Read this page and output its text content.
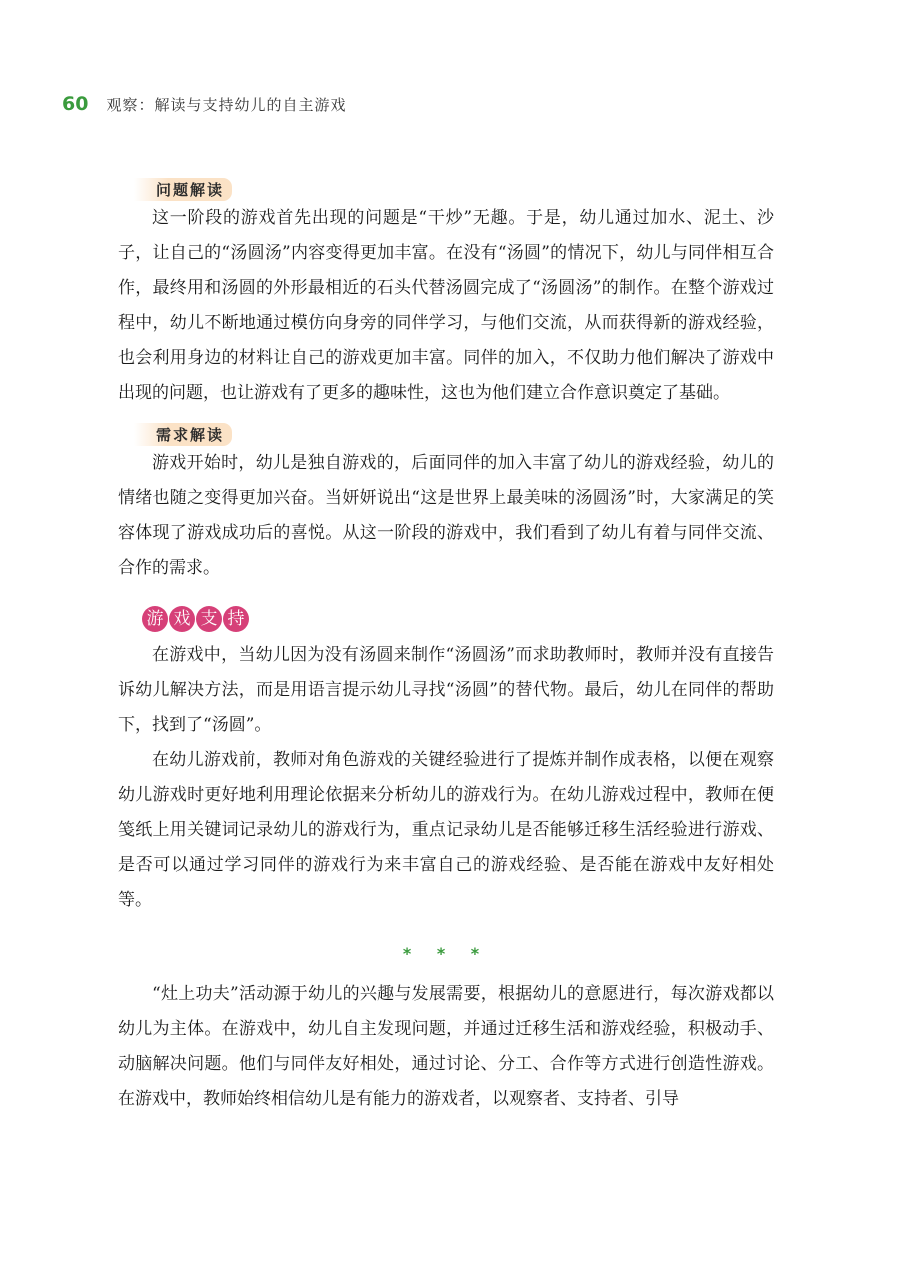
60 观察：解读与支持幼儿的自主游戏
问题解读

这一阶段的游戏首先出现的问题是“干炒”无趣。于是，幼儿通过加水、泥土、沙子，让自己的“汤圆汤”内容变得更加丰富。在没有“汤圆”的情况下，幼儿与同伴相互合作，最终用和汤圆的外形最相近的石头代替汤圆完成了“汤圆汤”的制作。在整个游戏过程中，幼儿不断地通过模仿向身旁的同伴学习，与他们交流，从而获得新的游戏经验，也会利用身边的材料让自己的游戏更加丰富。同伴的加入，不仅助力他们解决了游戏中出现的问题，也让游戏有了更多的趣味性，这也为他们建立合作意识奠定了基础。

需求解读

游戏开始时，幼儿是独自游戏的，后面同伴的加入丰富了幼儿的游戏经验，幼儿的情绪也随之变得更加兴奋。当妍妍说出“这是世界上最美味的汤圆汤”时，大家满足的笑容体现了游戏成功后的喜悦。从这一阶段的游戏中，我们看到了幼儿有着与同伴交流、合作的需求。

游 戏 支 持

在游戏中，当幼儿因为没有汤圆来制作“汤圆汤”而求助教师时，教师并没有直接告诉幼儿解决方法，而是用语言提示幼儿寻找“汤圆”的替代物。最后，幼儿在同伴的帮助下，找到了“汤圆”。

在幼儿游戏前，教师对角色游戏的关键经验进行了提炼并制作成表格，以便在观察幼儿游戏时更好地利用理论依据来分析幼儿的游戏行为。在幼儿游戏过程中，教师在便笺纸上用关键词记录幼儿的游戏行为，重点记录幼儿是否能够迁移生活经验进行游戏、是否可以通过学习同伴的游戏行为来丰富自己的游戏经验、是否能在游戏中友好相处等。

* * *

“灶上功夫”活动源于幼儿的兴趣与发展需要，根据幼儿的意愿进行，每次游戏都以幼儿为主体。在游戏中，幼儿自主发现问题，并通过迁移生活和游戏经验，积极动手、动脑解决问题。他们与同伴友好相处，通过讨论、分工、合作等方式进行创造性游戏。在游戏中，教师始终相信幼儿是有能力的游戏者，以观察者、支持者、引导
